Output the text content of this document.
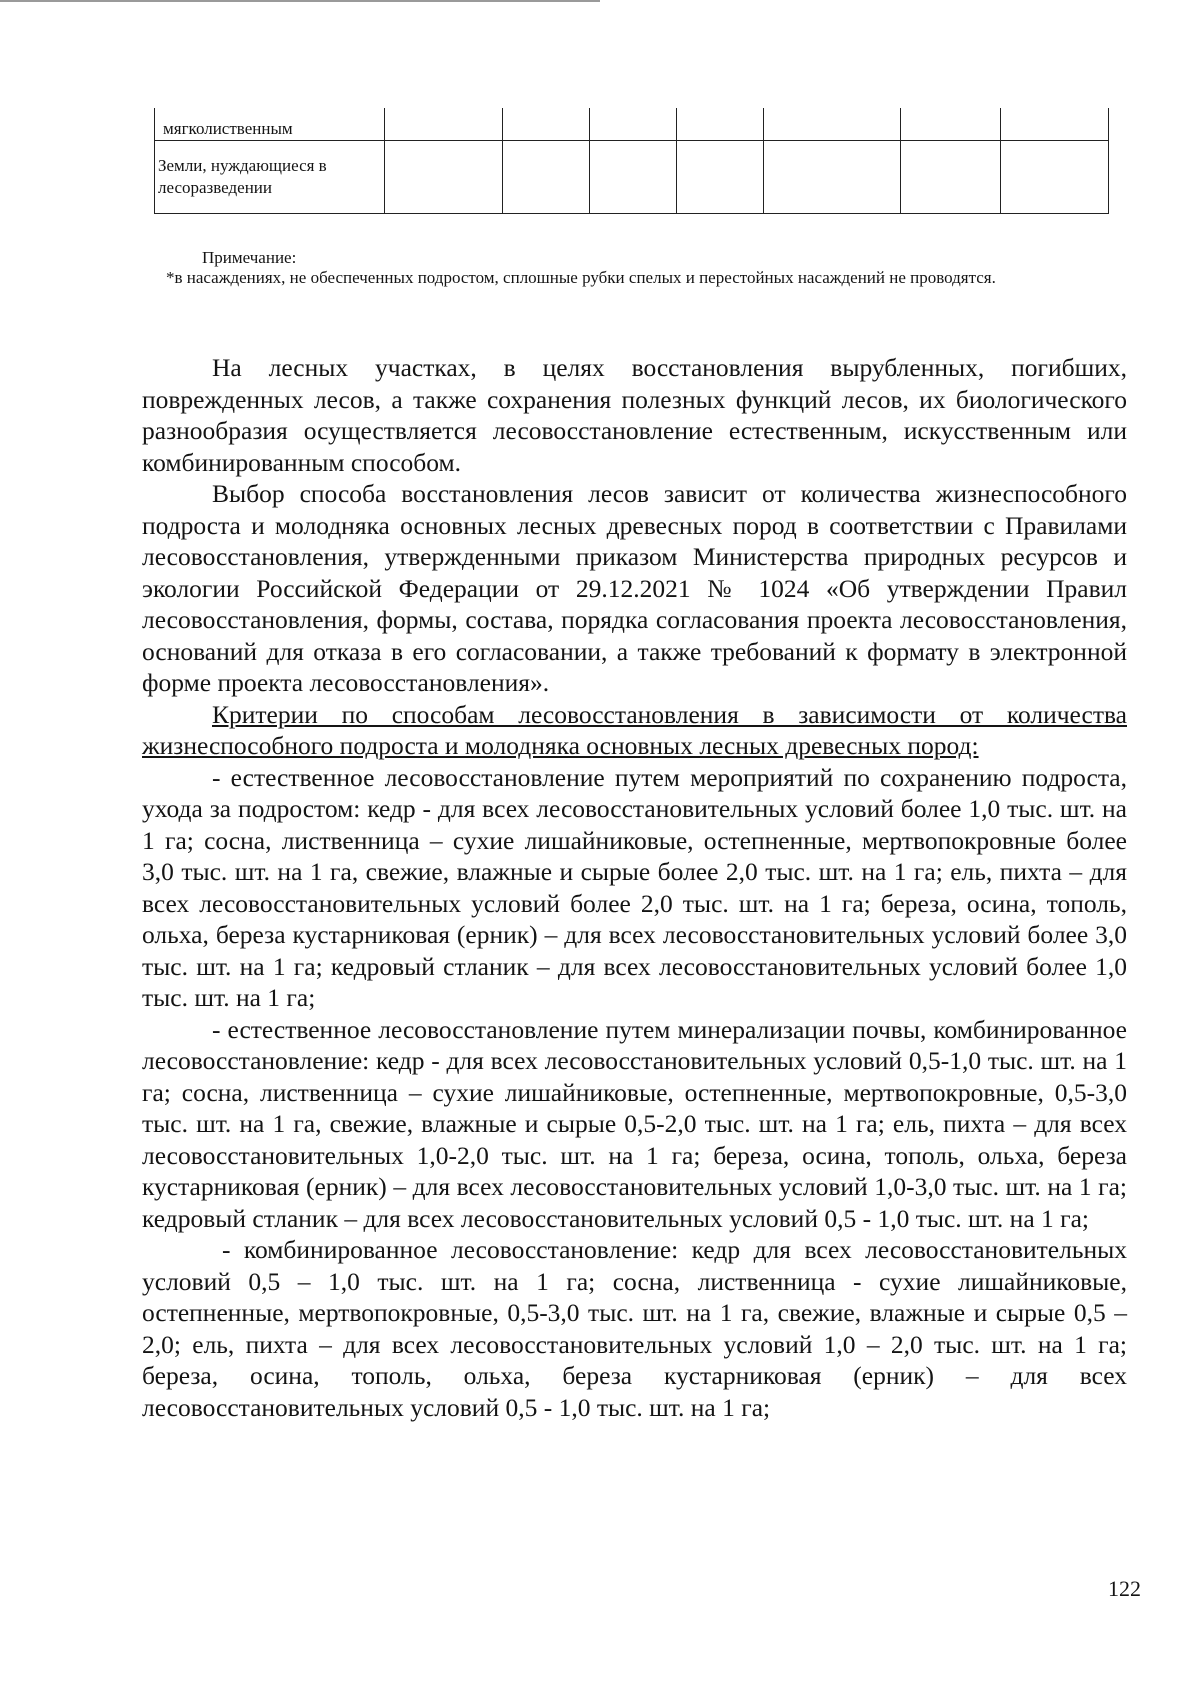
мягколиственным							
Земли, нуждающиеся в лесоразведении							
Примечание:
*в насаждениях, не обеспеченных подростом, сплошные рубки спелых и перестойных насаждений не проводятся.

На лесных участках, в целях восстановления вырубленных, погибших, поврежденных лесов, а также сохранения полезных функций лесов, их биологического разнообразия осуществляется лесовосстановление естественным, искусственным или комбинированным способом.

Выбор способа восстановления лесов зависит от количества жизнеспособного подроста и молодняка основных лесных древесных пород в соответствии с Правилами лесовосстановления, утвержденными приказом Министерства природных ресурсов и экологии Российской Федерации от 29.12.2021 № 1024 «Об утверждении Правил лесовосстановления, формы, состава, порядка согласования проекта лесовосстановления, оснований для отказа в его согласовании, а также требований к формату в электронной форме проекта лесовосстановления».

Критерии по способам лесовосстановления в зависимости от количества жизнеспособного подроста и молодняка основных лесных древесных пород:

- естественное лесовосстановление путем мероприятий по сохранению подроста, ухода за подростом: кедр - для всех лесовосстановительных условий более 1,0 тыс. шт. на 1 га; сосна, лиственница – сухие лишайниковые, остепненные, мертвопокровные более 3,0 тыс. шт. на 1 га, свежие, влажные и сырые более 2,0 тыс. шт. на 1 га; ель, пихта – для всех лесовосстановительных условий более 2,0 тыс. шт. на 1 га; береза, осина, тополь, ольха, береза кустарниковая (ерник) – для всех лесовосстановительных условий более 3,0 тыс. шт. на 1 га; кедровый стланик – для всех лесовосстановительных условий более 1,0 тыс. шт. на 1 га;

- естественное лесовосстановление путем минерализации почвы, комбинированное лесовосстановление: кедр - для всех лесовосстановительных условий 0,5-1,0 тыс. шт. на 1 га; сосна, лиственница – сухие лишайниковые, остепненные, мертвопокровные, 0,5-3,0 тыс. шт. на 1 га, свежие, влажные и сырые 0,5-2,0 тыс. шт. на 1 га; ель, пихта – для всех лесовосстановительных 1,0-2,0 тыс. шт. на 1 га; береза, осина, тополь, ольха, береза кустарниковая (ерник) – для всех лесовосстановительных условий 1,0-3,0 тыс. шт. на 1 га; кедровый стланик – для всех лесовосстановительных условий 0,5 - 1,0 тыс. шт. на 1 га;

- комбинированное лесовосстановление: кедр для всех лесовосстановительных условий 0,5 – 1,0 тыс. шт. на 1 га; сосна, лиственница - сухие лишайниковые, остепненные, мертвопокровные, 0,5-3,0 тыс. шт. на 1 га, свежие, влажные и сырые 0,5 – 2,0; ель, пихта – для всех лесовосстановительных условий 1,0 – 2,0 тыс. шт. на 1 га; береза, осина, тополь, ольха, береза кустарниковая (ерник) – для всех лесовосстановительных условий 0,5 - 1,0 тыс. шт. на 1 га;

122
